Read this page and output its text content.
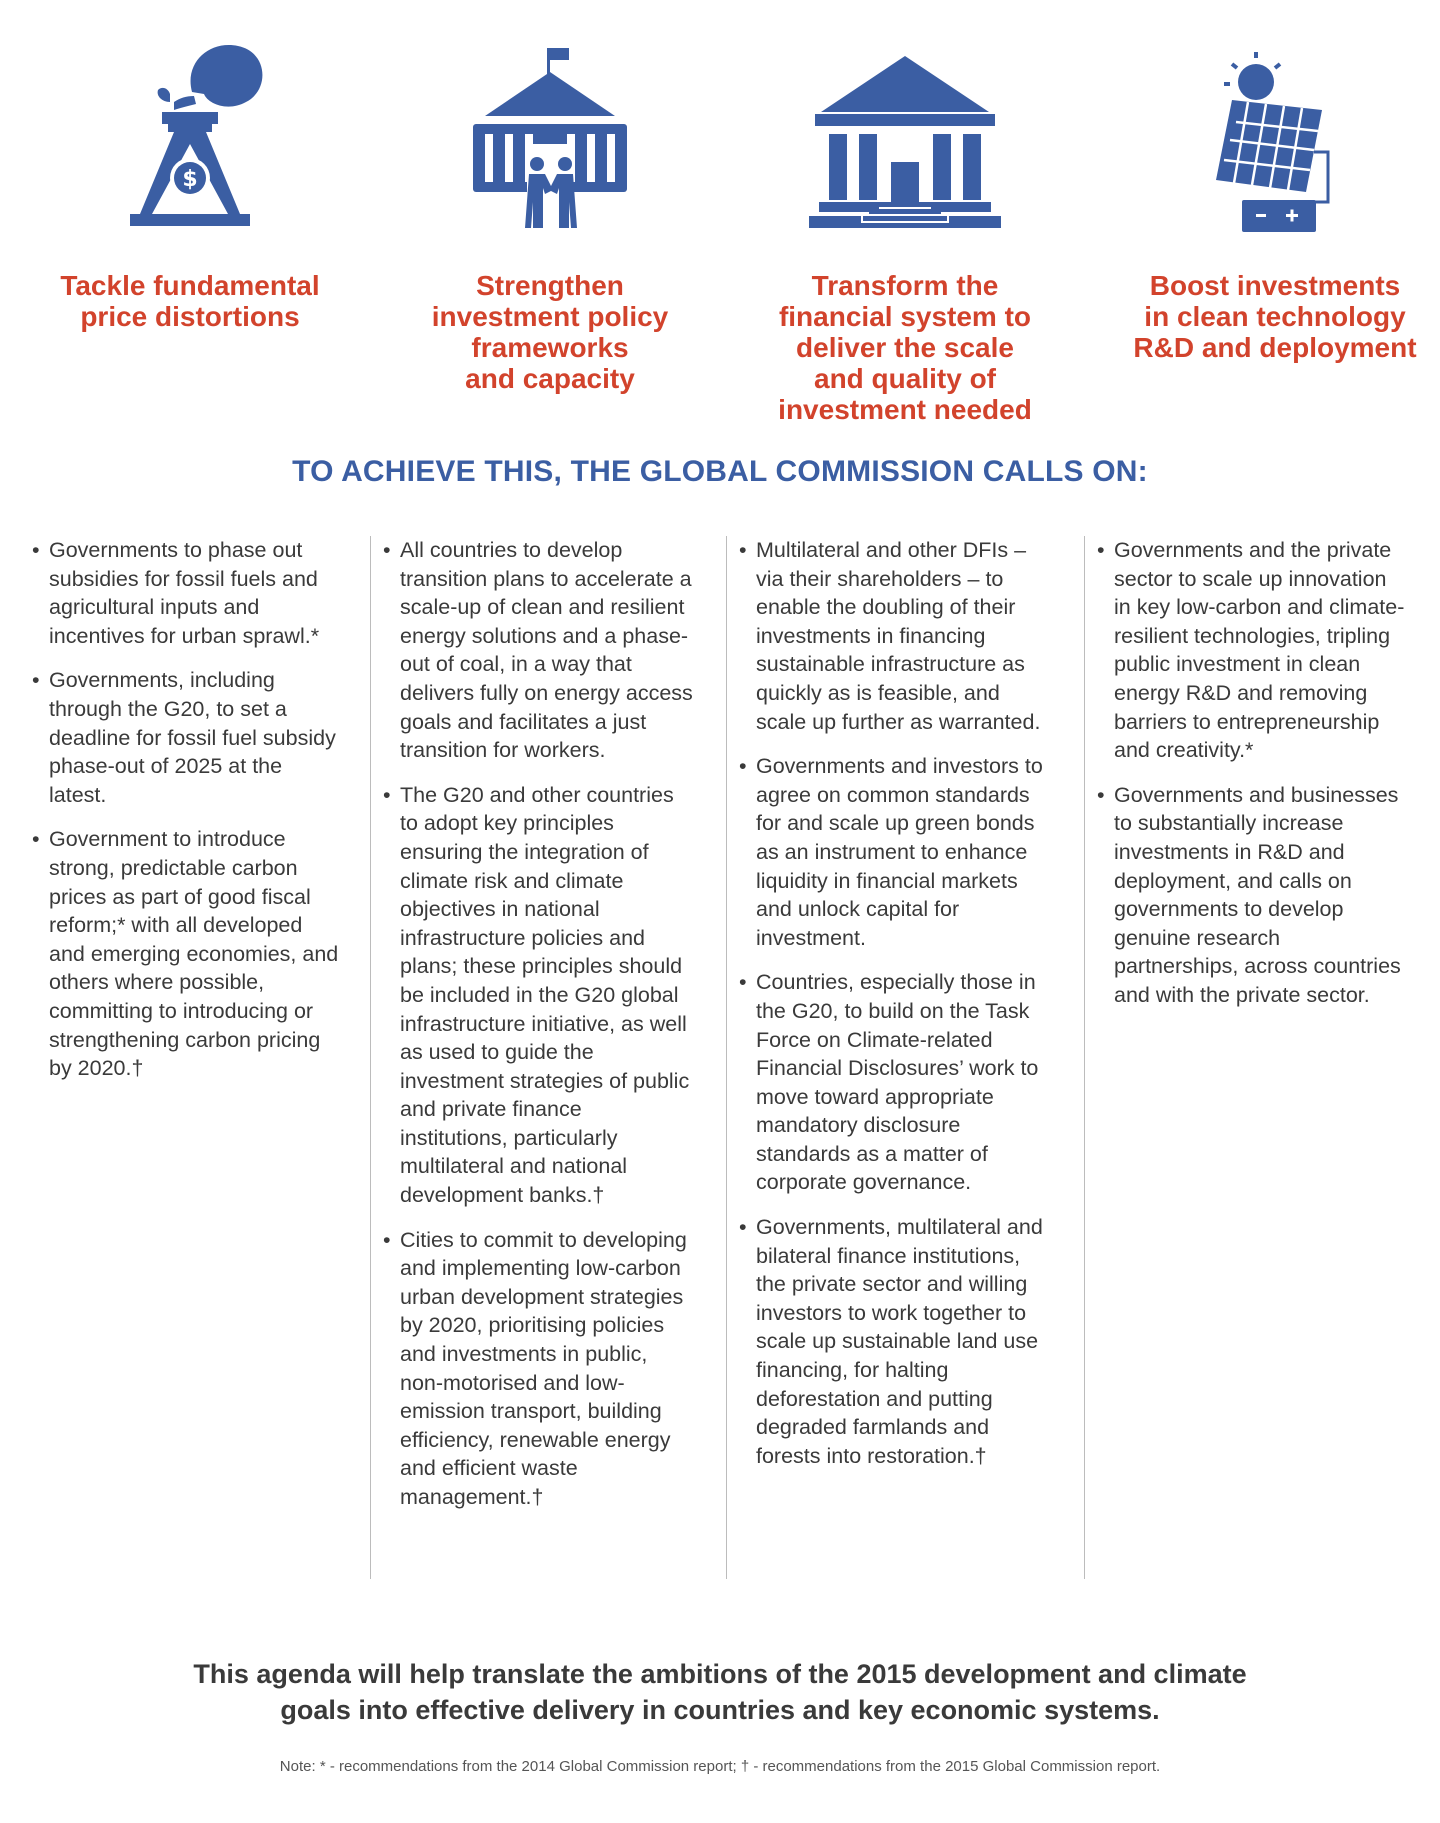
$
Tackle fundamental
price distortions
Strengthen
investment policy
frameworks
and capacity
Transform the
financial system to
deliver the scale
and quality of
investment needed
Boost investments
in clean technology
R&D and deployment
TO ACHIEVE THIS, THE GLOBAL COMMISSION CALLS ON:
• Governments to phase out subsidies for fossil fuels and agricultural inputs and incentives for urban sprawl.*
• Governments, including through the G20, to set a deadline for fossil fuel subsidy phase-out of 2025 at the latest.
• Government to introduce strong, predictable carbon prices as part of good fiscal reform;* with all developed and emerging economies, and others where possible, committing to introducing or strengthening carbon pricing by 2020.†
• All countries to develop transition plans to accelerate a scale-up of clean and resilient energy solutions and a phase-out of coal, in a way that delivers fully on energy access goals and facilitates a just transition for workers.
• The G20 and other countries to adopt key principles ensuring the integration of climate risk and climate objectives in national infrastructure policies and plans; these principles should be included in the G20 global infrastructure initiative, as well as used to guide the investment strategies of public and private finance institutions, particularly multilateral and national development banks.†
• Cities to commit to developing and implementing low-carbon urban development strategies by 2020, prioritising policies and investments in public, non-motorised and low-emission transport, building efficiency, renewable energy and efficient waste management.†
• Multilateral and other DFIs – via their shareholders – to enable the doubling of their investments in financing sustainable infrastructure as quickly as is feasible, and scale up further as warranted.
• Governments and investors to agree on common standards for and scale up green bonds as an instrument to enhance liquidity in financial markets and unlock capital for investment.
• Countries, especially those in the G20, to build on the Task Force on Climate-related Financial Disclosures’ work to move toward appropriate mandatory disclosure standards as a matter of corporate governance.
• Governments, multilateral and bilateral finance institutions, the private sector and willing investors to work together to scale up sustainable land use financing, for halting deforestation and putting degraded farmlands and forests into restoration.†
• Governments and the private sector to scale up innovation in key low-carbon and climate-resilient technologies, tripling public investment in clean energy R&D and removing barriers to entrepreneurship and creativity.*
• Governments and businesses to substantially increase investments in R&D and deployment, and calls on governments to develop genuine research partnerships, across countries and with the private sector.
This agenda will help translate the ambitions of the 2015 development and climate
goals into effective delivery in countries and key economic systems.
Note: * - recommendations from the 2014 Global Commission report; † - recommendations from the 2015 Global Commission report.
